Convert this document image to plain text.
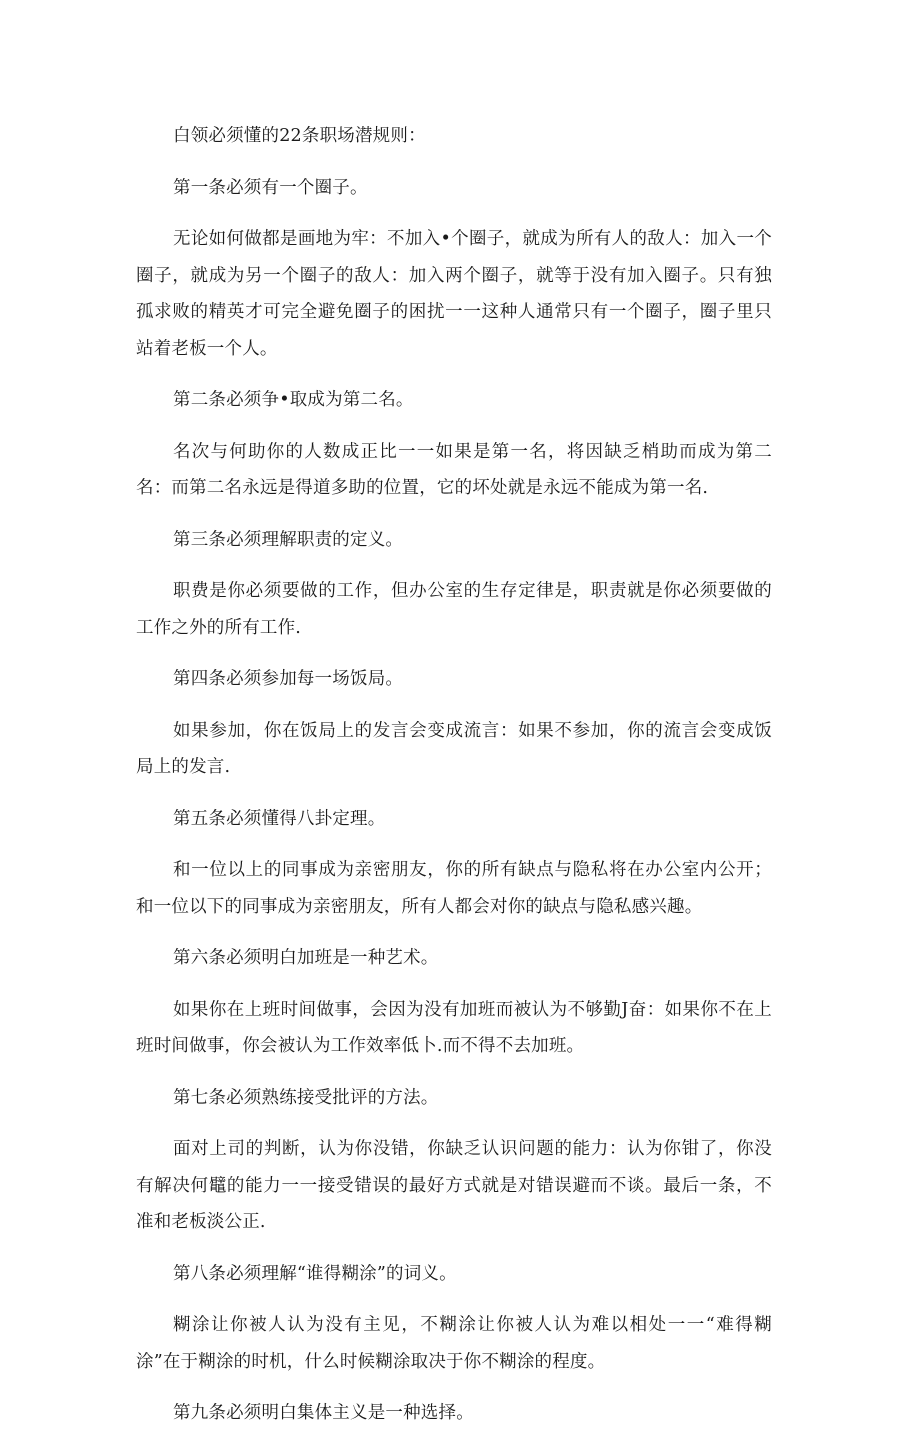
白领必须懂的22条职场潜规则：

第一条必须有一个圈子。

无论如何做都是画地为牢：不加入•个圈子，就成为所有人的敌人：加入一个圈子，就成为另一个圈子的敌人：加入两个圈子，就等于没有加入圈子。只有独孤求败的精英才可完全避免圈子的困扰一一这种人通常只有一个圈子，圈子里只站着老板一个人。

第二条必须争•取成为第二名。

名次与何助你的人数成正比一一如果是第一名，将因缺乏梢助而成为第二名：而第二名永远是得道多助的位置，它的坏处就是永远不能成为第一名.

第三条必须理解职责的定义。

职费是你必须要做的工作，但办公室的生存定律是，职责就是你必须要做的工作之外的所有工作.

第四条必须参加每一场饭局。

如果参加，你在饭局上的发言会变成流言：如果不参加，你的流言会变成饭局上的发言.

第五条必须懂得八卦定理。

和一位以上的同事成为亲密朋友，你的所有缺点与隐私将在办公室内公开；和一位以下的同事成为亲密朋友，所有人都会对你的缺点与隐私感兴趣。

第六条必须明白加班是一种艺术。

如果你在上班时间做事，会因为没有加班而被认为不够勤J奋：如果你不在上班时间做事，你会被认为工作效率低卜.而不得不去加班。

第七条必须熟练接受批评的方法。

面对上司的判断，认为你没错，你缺乏认识问题的能力：认为你钳了，你没有解决何鼊的能力一一接受错误的最好方式就是对错误避而不谈。最后一条，不准和老板淡公正.

第八条必须理解“谁得糊涂”的词义。

糊涂让你被人认为没有主见，不糊涂让你被人认为难以相处一一“难得糊涂”在于糊涂的时机，什么时候糊涂取决于你不糊涂的程度。

第九条必须明白集体主义是一种选择。
